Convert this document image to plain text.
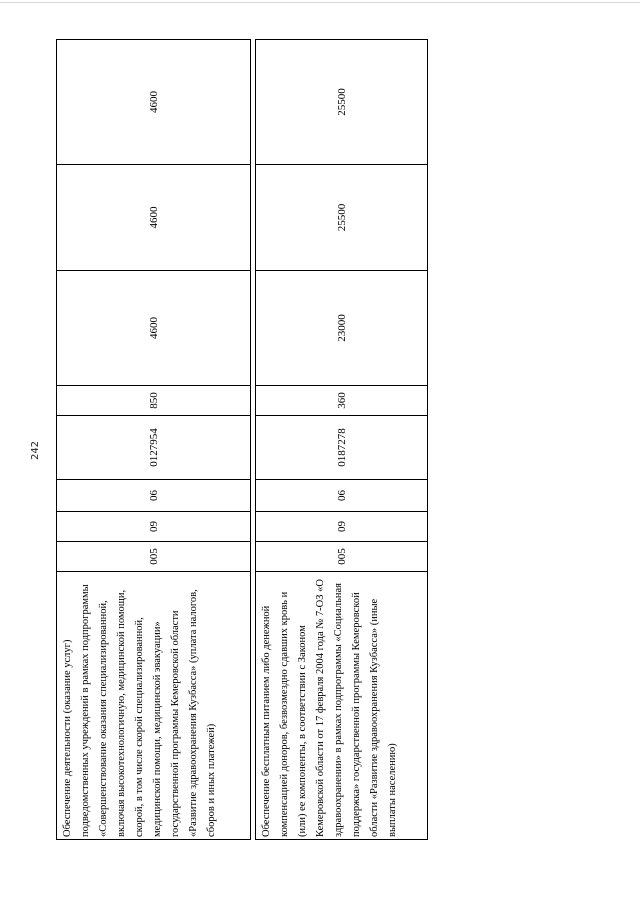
242
Обеспечение деятельности (оказание услуг) подведомственных учреждений в рамках подпрограммы «Совершенствование оказания специализированной, включая высокотехнологичную, медицинской помощи, скорой, в том числе скорой специализированной, медицинской помощи, медицинской эвакуации» государственной программы Кемеровской области «Развитие здравоохранения Кузбасса» (уплата налогов, сборов и иных платежей)	005	09	06	0127954	850	4600	4600	4600

Обеспечение бесплатным питанием либо денежной компенсацией доноров, безвозмездно сдавших кровь и (или) ее компоненты, в соответствии с Законом Кемеровской области от 17 февраля 2004 года № 7-ОЗ «О здравоохранении» в рамках подпрограммы «Социальная поддержка» государственной программы Кемеровской области «Развитие здравоохранения Кузбасса» (иные выплаты населению)	005	09	06	0187278	360	23000	25500	25500
